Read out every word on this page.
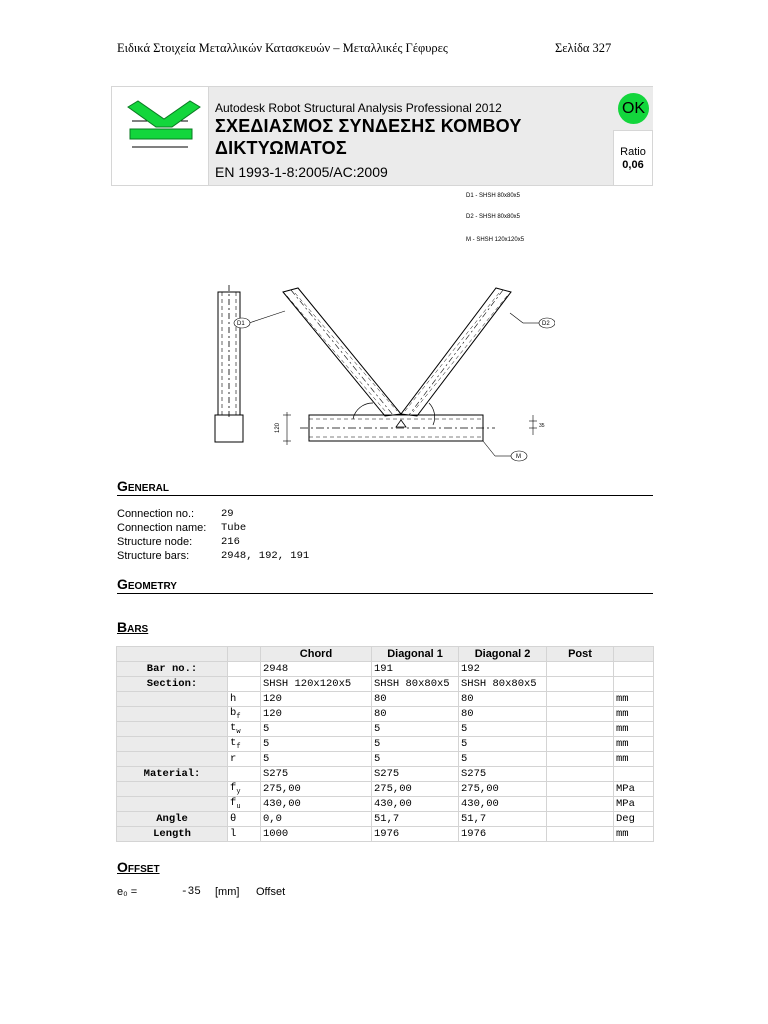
Ειδικά Στοιχεία Μεταλλικών Κατασκευών – Μεταλλικές Γέφυρες	Σελίδα 327
Autodesk Robot Structural Analysis Professional 2012
ΣΧΕΔΙΑΣΜΟΣ ΣΥΝΔΕΣΗΣ ΚΟΜΒΟΥ
ΔΙΚΤΥΩΜΑΤΟΣ
EN 1993-1-8:2005/AC:2009
OK
Ratio
0,06
D1 - SHSH 80x80x5
D2 - SHSH 80x80x5
M - SHSH 120x120x5
120	35
D1	D2
M
General
Connection no.:	29
Connection name: Tube
Structure node:	216
Structure bars:	2948, 192, 191
Geometry
Bars
		Chord	Diagonal 1	Diagonal 2	Post	
Bar no.:		2948	191	192		
Section:		SHSH 120x120x5	SHSH 80x80x5	SHSH 80x80x5		
	h	120	80	80		mm
	$b_f$	120	80	80		mm
	$t_w$	5	5	5		mm
	$t_f$	5	5	5		mm
	r	5	5	5		mm
Material:		S275	S275	S275		
	$f_y$	275,00	275,00	275,00		MPa
	$f_u$	430,00	430,00	430,00		MPa
Angle	θ	0,0	51,7	51,7		Deg
Length	l	1000	1976	1976		mm
Offset
e₀ =	-35 [mm] Offset
